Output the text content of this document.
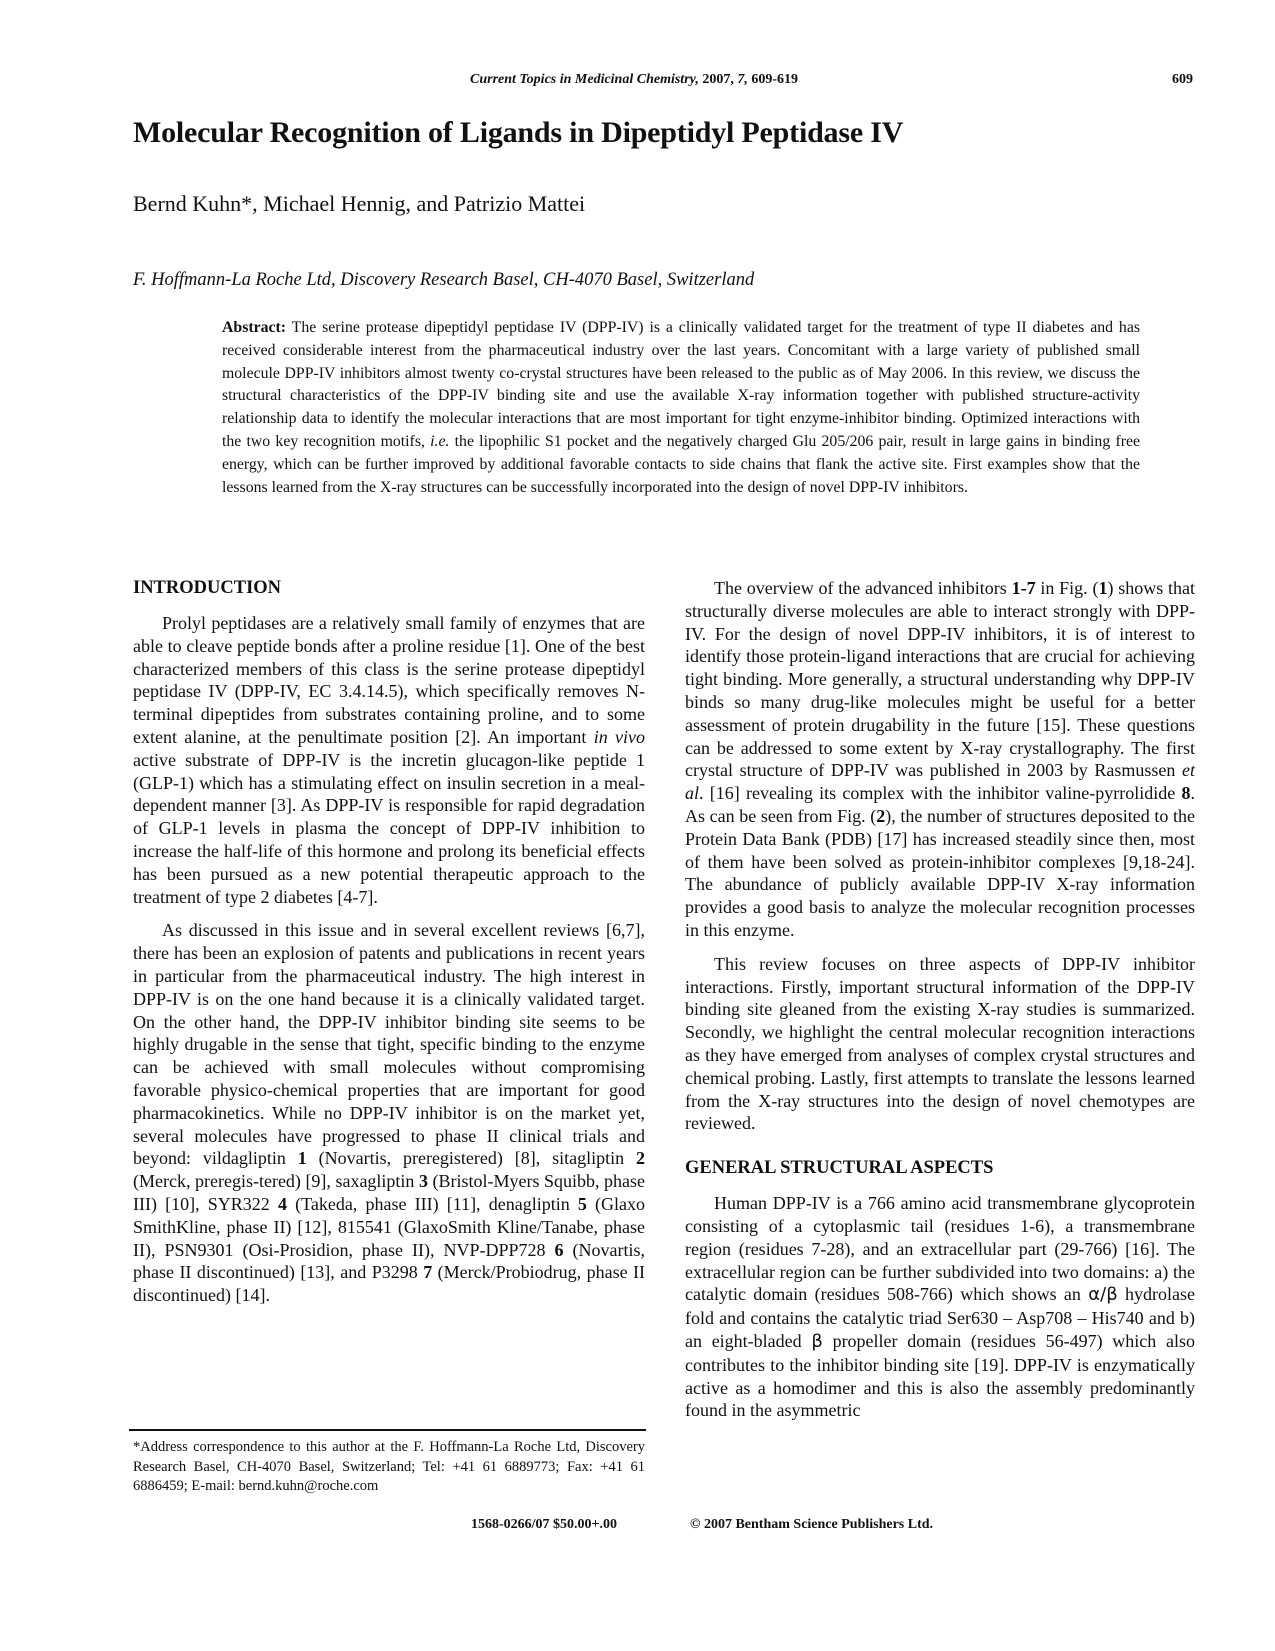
Current Topics in Medicinal Chemistry, 2007, 7, 609-619	609
Molecular Recognition of Ligands in Dipeptidyl Peptidase IV
Bernd Kuhn*, Michael Hennig, and Patrizio Mattei
F. Hoffmann-La Roche Ltd, Discovery Research Basel, CH-4070 Basel, Switzerland
Abstract: The serine protease dipeptidyl peptidase IV (DPP-IV) is a clinically validated target for the treatment of type II diabetes and has received considerable interest from the pharmaceutical industry over the last years. Concomitant with a large variety of published small molecule DPP-IV inhibitors almost twenty co-crystal structures have been released to the public as of May 2006. In this review, we discuss the structural characteristics of the DPP-IV binding site and use the available X-ray information together with published structure-activity relationship data to identify the molecular interactions that are most important for tight enzyme-inhibitor binding. Optimized interactions with the two key recognition motifs, i.e. the lipophilic S1 pocket and the negatively charged Glu 205/206 pair, result in large gains in binding free energy, which can be further improved by additional favorable contacts to side chains that flank the active site. First examples show that the lessons learned from the X-ray structures can be successfully incorporated into the design of novel DPP-IV inhibitors.
INTRODUCTION

Prolyl peptidases are a relatively small family of enzymes that are able to cleave peptide bonds after a proline residue [1]. One of the best characterized members of this class is the serine protease dipeptidyl peptidase IV (DPP-IV, EC 3.4.14.5), which specifically removes N-terminal dipeptides from substrates containing proline, and to some extent alanine, at the penultimate position [2]. An important in vivo active substrate of DPP-IV is the incretin glucagon-like peptide 1 (GLP-1) which has a stimulating effect on insulin secretion in a meal-dependent manner [3]. As DPP-IV is responsible for rapid degradation of GLP-1 levels in plasma the concept of DPP-IV inhibition to increase the half-life of this hormone and prolong its beneficial effects has been pursued as a new potential therapeutic approach to the treatment of type 2 diabetes [4-7].

As discussed in this issue and in several excellent reviews [6,7], there has been an explosion of patents and publications in recent years in particular from the pharmaceutical industry. The high interest in DPP-IV is on the one hand because it is a clinically validated target. On the other hand, the DPP-IV inhibitor binding site seems to be highly drugable in the sense that tight, specific binding to the enzyme can be achieved with small molecules without compromising favorable physico-chemical properties that are important for good pharmacokinetics. While no DPP-IV inhibitor is on the market yet, several molecules have progressed to phase II clinical trials and beyond: vildagliptin 1 (Novartis, preregistered) [8], sitagliptin 2 (Merck, preregis-tered) [9], saxagliptin 3 (Bristol-Myers Squibb, phase III) [10], SYR322 4 (Takeda, phase III) [11], denagliptin 5 (Glaxo SmithKline, phase II) [12], 815541 (GlaxoSmith Kline/Tanabe, phase II), PSN9301 (Osi-Prosidion, phase II), NVP-DPP728 6 (Novartis, phase II discontinued) [13], and P3298 7 (Merck/Probiodrug, phase II discontinued) [14].

The overview of the advanced inhibitors 1-7 in Fig. (1) shows that structurally diverse molecules are able to interact strongly with DPP-IV. For the design of novel DPP-IV inhibitors, it is of interest to identify those protein-ligand interactions that are crucial for achieving tight binding. More generally, a structural understanding why DPP-IV binds so many drug-like molecules might be useful for a better assessment of protein drugability in the future [15]. These questions can be addressed to some extent by X-ray crystallography. The first crystal structure of DPP-IV was published in 2003 by Rasmussen et al. [16] revealing its complex with the inhibitor valine-pyrrolidide 8. As can be seen from Fig. (2), the number of structures deposited to the Protein Data Bank (PDB) [17] has increased steadily since then, most of them have been solved as protein-inhibitor complexes [9,18-24]. The abundance of publicly available DPP-IV X-ray information provides a good basis to analyze the molecular recognition processes in this enzyme.

This review focuses on three aspects of DPP-IV inhibitor interactions. Firstly, important structural information of the DPP-IV binding site gleaned from the existing X-ray studies is summarized. Secondly, we highlight the central molecular recognition interactions as they have emerged from analyses of complex crystal structures and chemical probing. Lastly, first attempts to translate the lessons learned from the X-ray structures into the design of novel chemotypes are reviewed.

GENERAL STRUCTURAL ASPECTS

Human DPP-IV is a 766 amino acid transmembrane glycoprotein consisting of a cytoplasmic tail (residues 1-6), a transmembrane region (residues 7-28), and an extracellular part (29-766) [16]. The extracellular region can be further subdivided into two domains: a) the catalytic domain (residues 508-766) which shows an α/β hydrolase fold and contains the catalytic triad Ser630 – Asp708 – His740 and b) an eight-bladed β propeller domain (residues 56-497) which also contributes to the inhibitor binding site [19]. DPP-IV is enzymatically active as a homodimer and this is also the assembly predominantly found in the asymmetric

*Address correspondence to this author at the F. Hoffmann-La Roche Ltd, Discovery Research Basel, CH-4070 Basel, Switzerland; Tel: +41 61 6889773; Fax: +41 61 6886459; E-mail: bernd.kuhn@roche.com
1568-0266/07 $50.00+.00	© 2007 Bentham Science Publishers Ltd.
